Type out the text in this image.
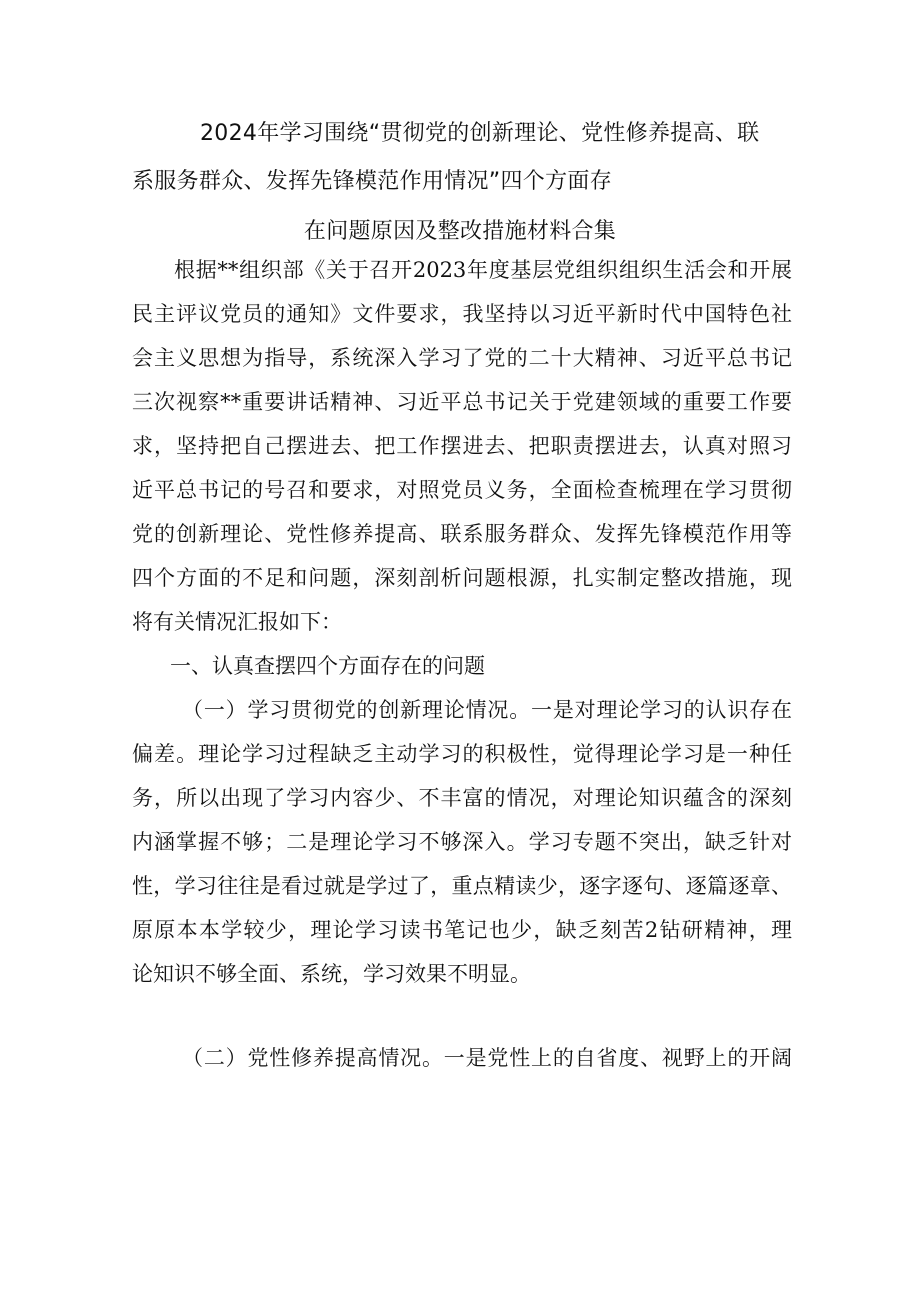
2024年学习围绕“贯彻党的创新理论、党性修养提高、联
系服务群众、发挥先锋模范作用情况”四个方面存
在问题原因及整改措施材料合集
根据**组织部《关于召开2023年度基层党组织组织生活会和开展
民主评议党员的通知》文件要求，我坚持以习近平新时代中国特色社
会主义思想为指导，系统深入学习了党的二十大精神、习近平总书记
三次视察**重要讲话精神、习近平总书记关于党建领域的重要工作要
求，坚持把自己摆进去、把工作摆进去、把职责摆进去，认真对照习
近平总书记的号召和要求，对照党员义务，全面检查梳理在学习贯彻
党的创新理论、党性修养提高、联系服务群众、发挥先锋模范作用等
四个方面的不足和问题，深刻剖析问题根源，扎实制定整改措施，现
将有关情况汇报如下：
一、认真查摆四个方面存在的问题
（一）学习贯彻党的创新理论情况。一是对理论学习的认识存在
偏差。理论学习过程缺乏主动学习的积极性，觉得理论学习是一种任
务，所以出现了学习内容少、不丰富的情况，对理论知识蕴含的深刻
内涵掌握不够；二是理论学习不够深入。学习专题不突出，缺乏针对
性，学习往往是看过就是学过了，重点精读少，逐字逐句、逐篇逐章、
原原本本学较少，理论学习读书笔记也少，缺乏刻苦2钻研精神，理
论知识不够全面、系统，学习效果不明显。
（二）党性修养提高情况。一是党性上的自省度、视野上的开阔
